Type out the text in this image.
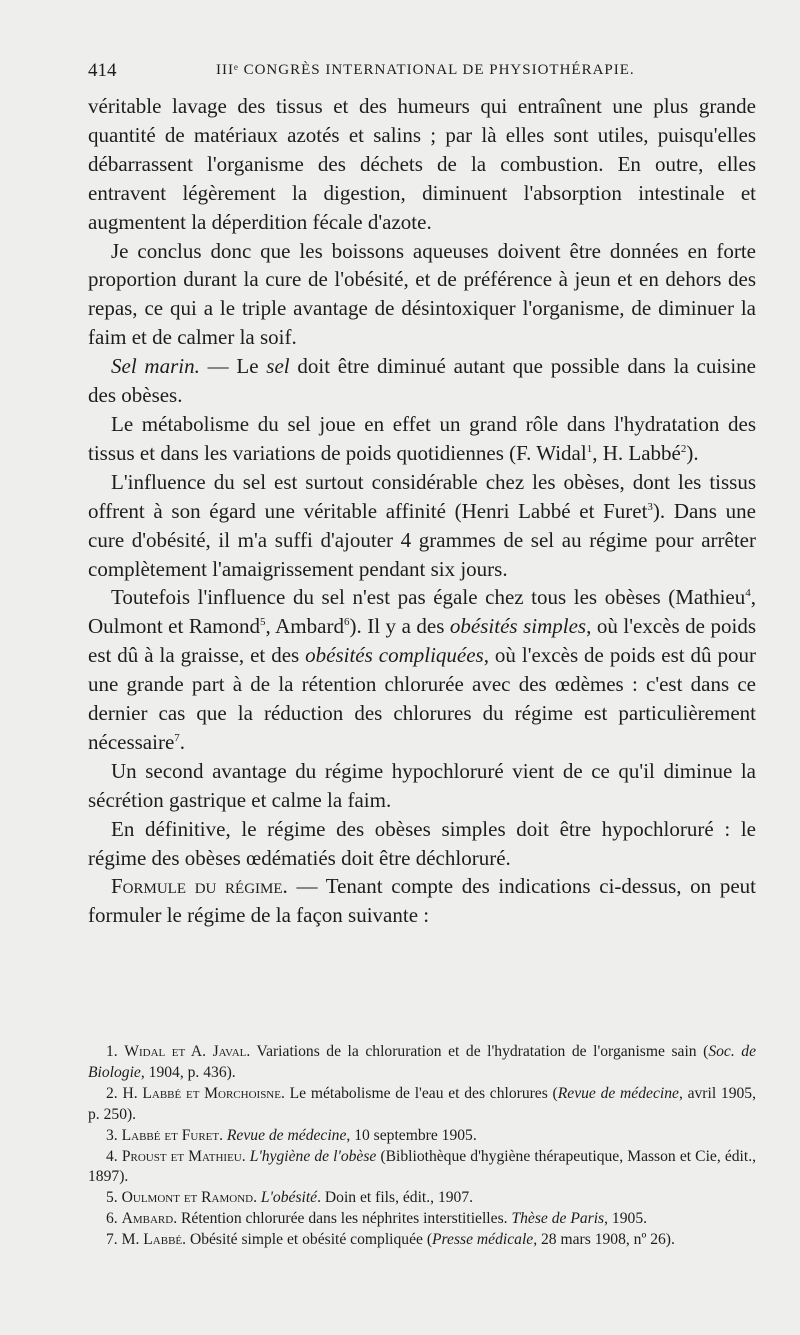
414	IIIᵉ CONGRÈS INTERNATIONAL DE PHYSIOTHÉRAPIE.

véritable lavage des tissus et des humeurs qui entraînent une plus grande quantité de matériaux azotés et salins ; par là elles sont utiles, puisqu'elles débarrassent l'organisme des déchets de la combustion. En outre, elles entravent légèrement la digestion, diminuent l'absorption intestinale et augmentent la déperdition fécale d'azote.

Je conclus donc que les boissons aqueuses doivent être données en forte proportion durant la cure de l'obésité, et de préférence à jeun et en dehors des repas, ce qui a le triple avantage de désintoxiquer l'organisme, de diminuer la faim et de calmer la soif.

Sel marin. — Le sel doit être diminué autant que possible dans la cuisine des obèses.

Le métabolisme du sel joue en effet un grand rôle dans l'hydratation des tissus et dans les variations de poids quotidiennes (F. Widal$^1$, H. Labbé$^2$).

L'influence du sel est surtout considérable chez les obèses, dont les tissus offrent à son égard une véritable affinité (Henri Labbé et Furet$^3$). Dans une cure d'obésité, il m'a suffi d'ajouter 4 grammes de sel au régime pour arrêter complètement l'amaigrissement pendant six jours.

Toutefois l'influence du sel n'est pas égale chez tous les obèses (Mathieu$^4$, Oulmont et Ramond$^5$, Ambard$^6$). Il y a des obésités simples, où l'excès de poids est dû à la graisse, et des obésités compliquées, où l'excès de poids est dû pour une grande part à de la rétention chlorurée avec des œdèmes : c'est dans ce dernier cas que la réduction des chlorures du régime est particulièrement nécessaire$^7$.

Un second avantage du régime hypochloruré vient de ce qu'il diminue la sécrétion gastrique et calme la faim.

En définitive, le régime des obèses simples doit être hypochloruré : le régime des obèses œdématiés doit être déchloruré.

Formule du régime. — Tenant compte des indications ci-dessus, on peut formuler le régime de la façon suivante :

1. Widal et A. Javal. Variations de la chloruration et de l'hydratation de l'organisme sain (Soc. de Biologie, 1904, p. 436).

2. H. Labbé et Morchoisne. Le métabolisme de l'eau et des chlorures (Revue de médecine, avril 1905, p. 250).

3. Labbé et Furet. Revue de médecine, 10 septembre 1905.

4. Proust et Mathieu. L'hygiène de l'obèse (Bibliothèque d'hygiène thérapeutique, Masson et Cie, édit., 1897).

5. Oulmont et Ramond. L'obésité. Doin et fils, édit., 1907.

6. Ambard. Rétention chlorurée dans les néphrites interstitielles. Thèse de Paris, 1905.

7. M. Labbé. Obésité simple et obésité compliquée (Presse médicale, 28 mars 1908, nº 26).
